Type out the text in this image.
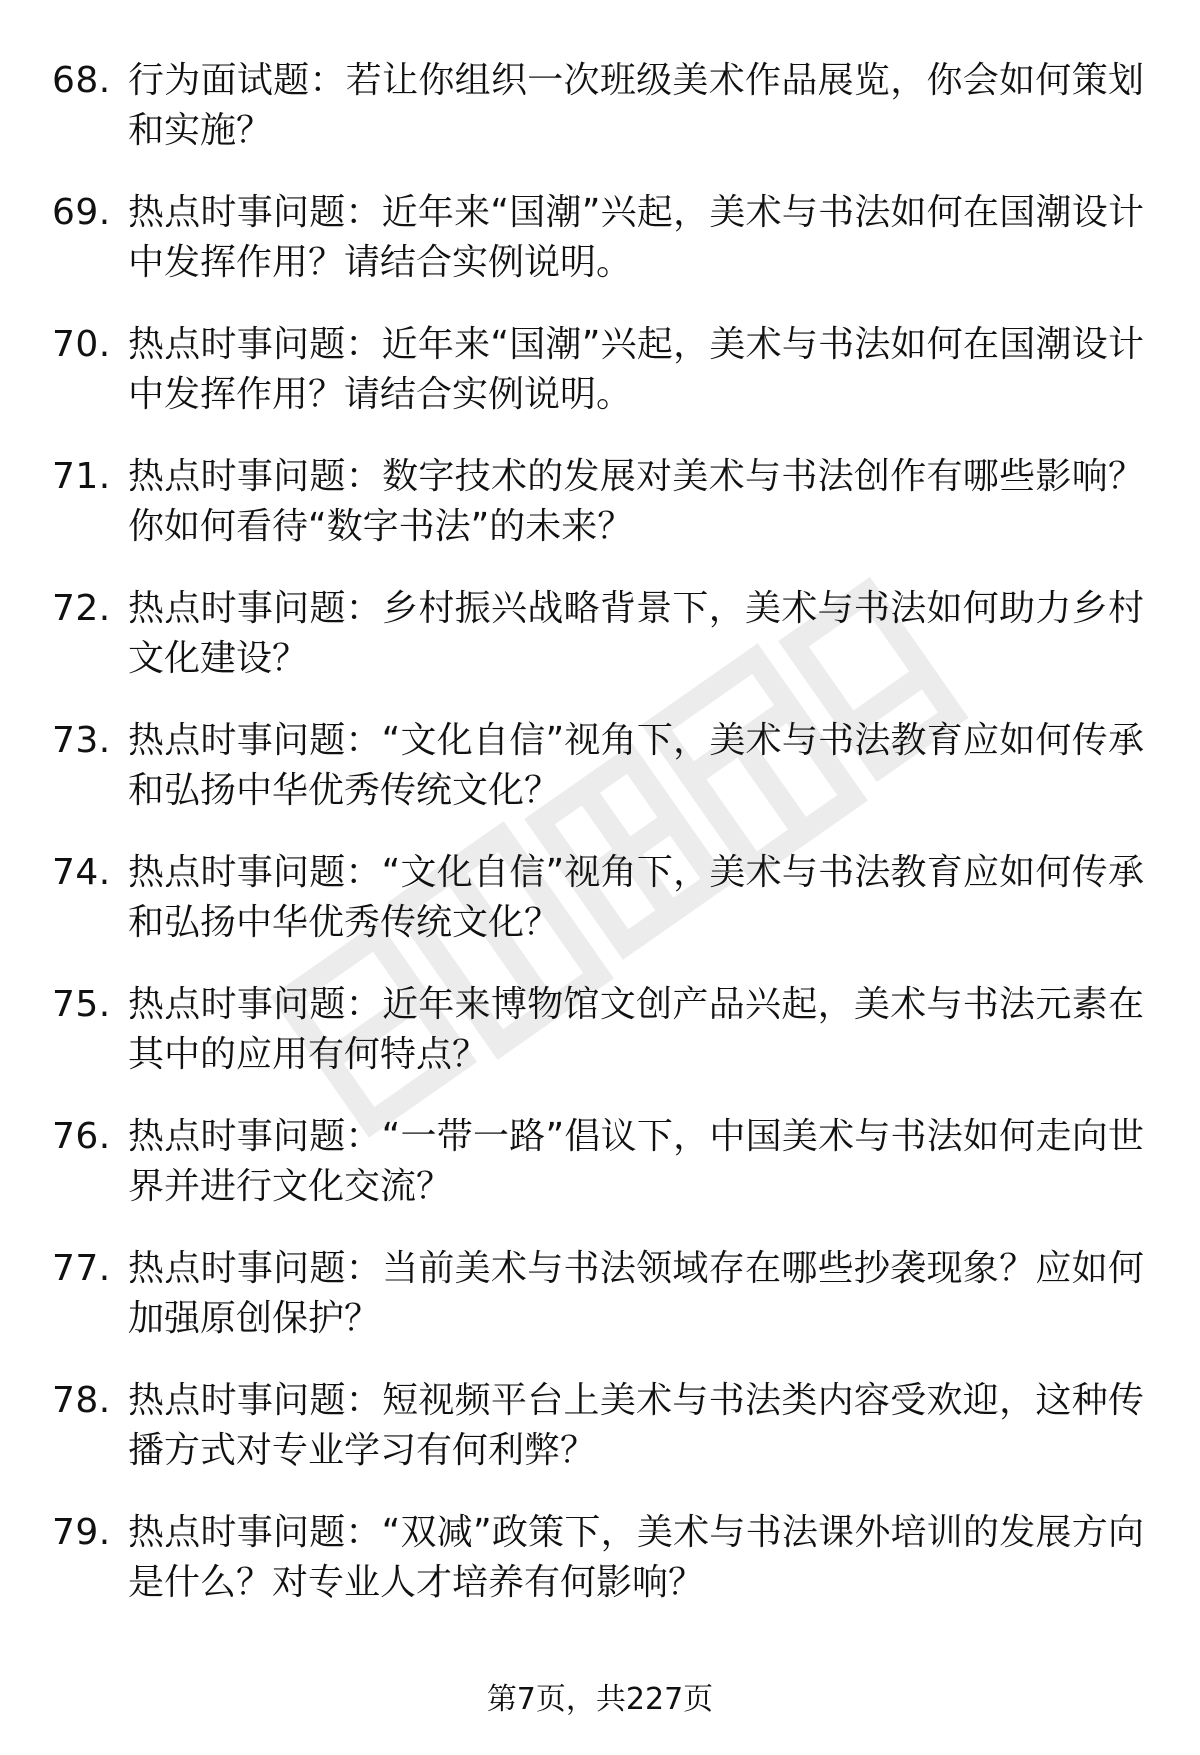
68. 行为面试题：若让你组织一次班级美术作品展览，你会如何策划和实施？
69. 热点时事问题：近年来“国潮”兴起，美术与书法如何在国潮设计中发挥作用？请结合实例说明。
70. 热点时事问题：近年来“国潮”兴起，美术与书法如何在国潮设计中发挥作用？请结合实例说明。
71. 热点时事问题：数字技术的发展对美术与书法创作有哪些影响？你如何看待“数字书法”的未来？
72. 热点时事问题：乡村振兴战略背景下，美术与书法如何助力乡村文化建设？
73. 热点时事问题：“文化自信”视角下，美术与书法教育应如何传承和弘扬中华优秀传统文化？
74. 热点时事问题：“文化自信”视角下，美术与书法教育应如何传承和弘扬中华优秀传统文化？
75. 热点时事问题：近年来博物馆文创产品兴起，美术与书法元素在其中的应用有何特点？
76. 热点时事问题：“一带一路”倡议下，中国美术与书法如何走向世界并进行文化交流？
77. 热点时事问题：当前美术与书法领域存在哪些抄袭现象？应如何加强原创保护？
78. 热点时事问题：短视频平台上美术与书法类内容受欢迎，这种传播方式对专业学习有何利弊？
79. 热点时事问题：“双减”政策下，美术与书法课外培训的发展方向是什么？对专业人才培养有何影响？
第7页，共227页
